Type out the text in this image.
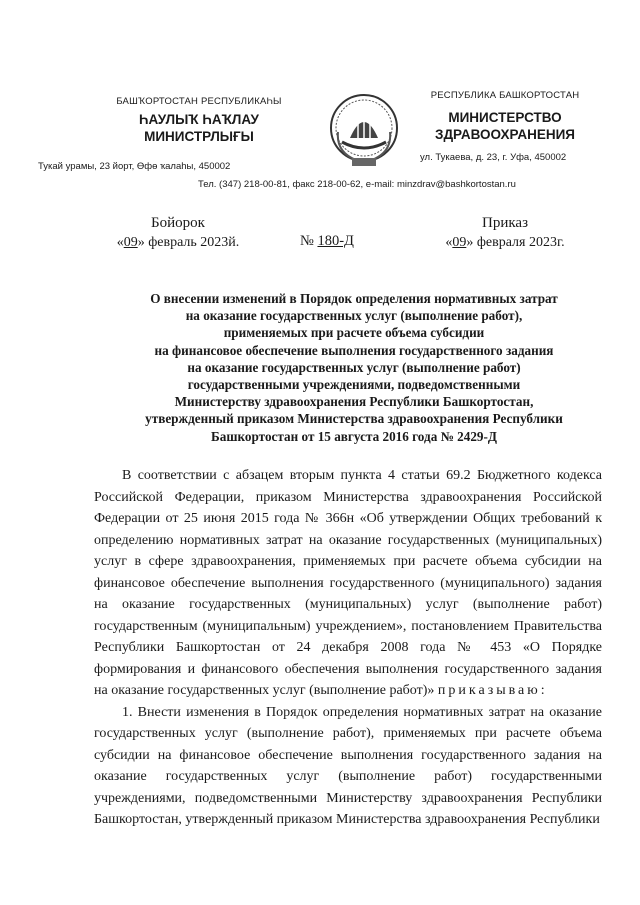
БАШҠОРТОСТАН РЕСПУБЛИКАҺЫ
ҺАУЛЫҠ ҺАҠЛАУ
МИНИСТРЛЫҒЫ
Тукай урамы, 23 йорт, Өфө ҡалаһы, 450002
РЕСПУБЛИКА БАШКОРТОСТАН
МИНИСТЕРСТВО
ЗДРАВООХРАНЕНИЯ
ул. Тукаева, д. 23, г. Уфа, 450002
Тел. (347) 218-00-81, факс 218-00-62, e-mail: minzdrav@bashkortostan.ru
Бойорок
«09» февраль 2023й.	№ 180-Д
Приказ
«09» февраля 2023г.
О внесении изменений в Порядок определения нормативных затрат
на оказание государственных услуг (выполнение работ),
применяемых при расчете объема субсидии
на финансовое обеспечение выполнения государственного задания
на оказание государственных услуг (выполнение работ)
государственными учреждениями, подведомственными
Министерству здравоохранения Республики Башкортостан,
утвержденный приказом Министерства здравоохранения Республики
Башкортостан от 15 августа 2016 года № 2429-Д

В соответствии с абзацем вторым пункта 4 статьи 69.2 Бюджетного кодекса Российской Федерации, приказом Министерства здравоохранения Российской Федерации от 25 июня 2015 года № 366н «Об утверждении Общих требований к определению нормативных затрат на оказание государственных (муниципальных) услуг в сфере здравоохранения, применяемых при расчете объема субсидии на финансовое обеспечение выполнения государственного (муниципального) задания на оказание государственных (муниципальных) услуг (выполнение работ) государственным (муниципальным) учреждением», постановлением Правительства Республики Башкортостан от 24 декабря 2008 года № 453 «О Порядке формирования и финансового обеспечения выполнения государственного задания на оказание государственных услуг (выполнение работ)» приказываю:

1. Внести изменения в Порядок определения нормативных затрат на оказание государственных услуг (выполнение работ), применяемых при расчете объема субсидии на финансовое обеспечение выполнения государственного задания на оказание государственных услуг (выполнение работ) государственными учреждениями, подведомственными Министерству здравоохранения Республики Башкортостан, утвержденный приказом Министерства здравоохранения Республики
